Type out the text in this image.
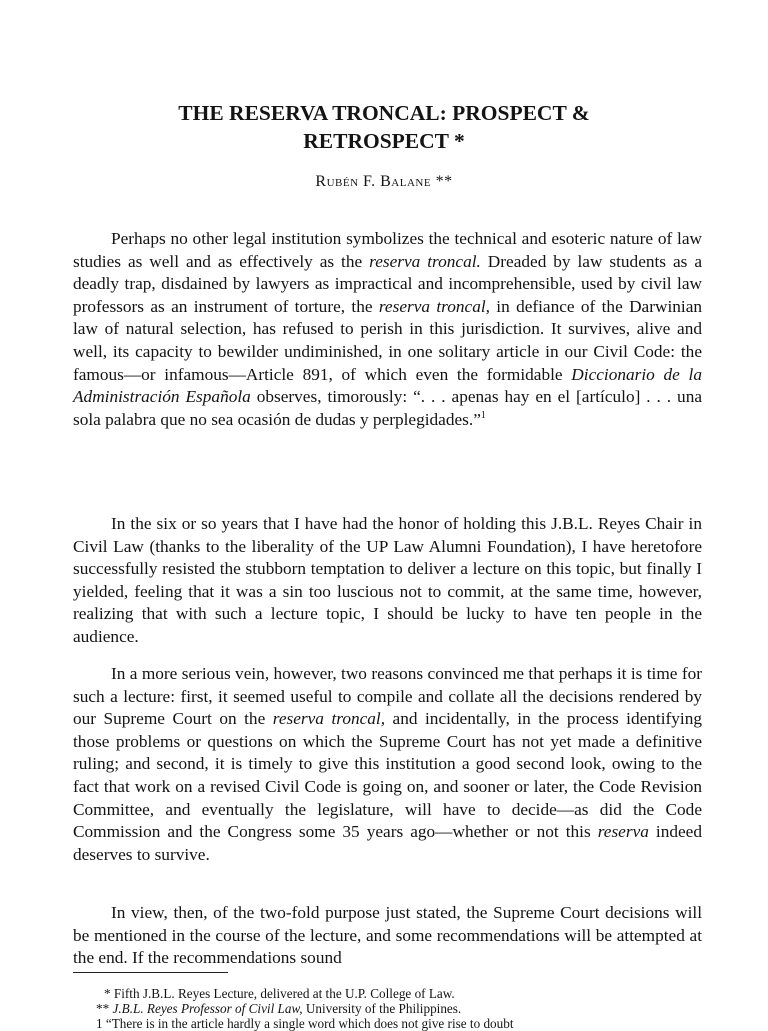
THE RESERVA TRONCAL: PROSPECT &
RETROSPECT *
Rubén F. Balane **

Perhaps no other legal institution symbolizes the technical and esoteric nature of law studies as well and as effectively as the reserva troncal. Dreaded by law students as a deadly trap, disdained by lawyers as impractical and incomprehensible, used by civil law professors as an instrument of torture, the reserva troncal, in defiance of the Darwinian law of natural selection, has refused to perish in this jurisdiction. It survives, alive and well, its capacity to bewilder undiminished, in one solitary article in our Civil Code: the famous—or infamous—Article 891, of which even the formidable Diccionario de la Administración Española observes, timorously: “. . . apenas hay en el [artículo] . . . una sola palabra que no sea ocasión de dudas y perplegidades.”$^1$

In the six or so years that I have had the honor of holding this J.B.L. Reyes Chair in Civil Law (thanks to the liberality of the UP Law Alumni Foundation), I have heretofore successfully resisted the stubborn temptation to deliver a lecture on this topic, but finally I yielded, feeling that it was a sin too luscious not to commit, at the same time, however, realizing that with such a lecture topic, I should be lucky to have ten people in the audience.

In a more serious vein, however, two reasons convinced me that perhaps it is time for such a lecture: first, it seemed useful to compile and collate all the decisions rendered by our Supreme Court on the reserva troncal, and incidentally, in the process identifying those problems or questions on which the Supreme Court has not yet made a definitive ruling; and second, it is timely to give this institution a good second look, owing to the fact that work on a revised Civil Code is going on, and sooner or later, the Code Revision Committee, and eventually the legislature, will have to decide—as did the Code Commission and the Congress some 35 years ago—whether or not this reserva indeed deserves to survive.

In view, then, of the two-fold purpose just stated, the Supreme Court decisions will be mentioned in the course of the lecture, and some recommendations will be attempted at the end. If the recommendations sound

* Fifth J.B.L. Reyes Lecture, delivered at the U.P. College of Law.
** J.B.L. Reyes Professor of Civil Law, University of the Philippines.
1 “There is in the article hardly a single word which does not give rise to doubt
